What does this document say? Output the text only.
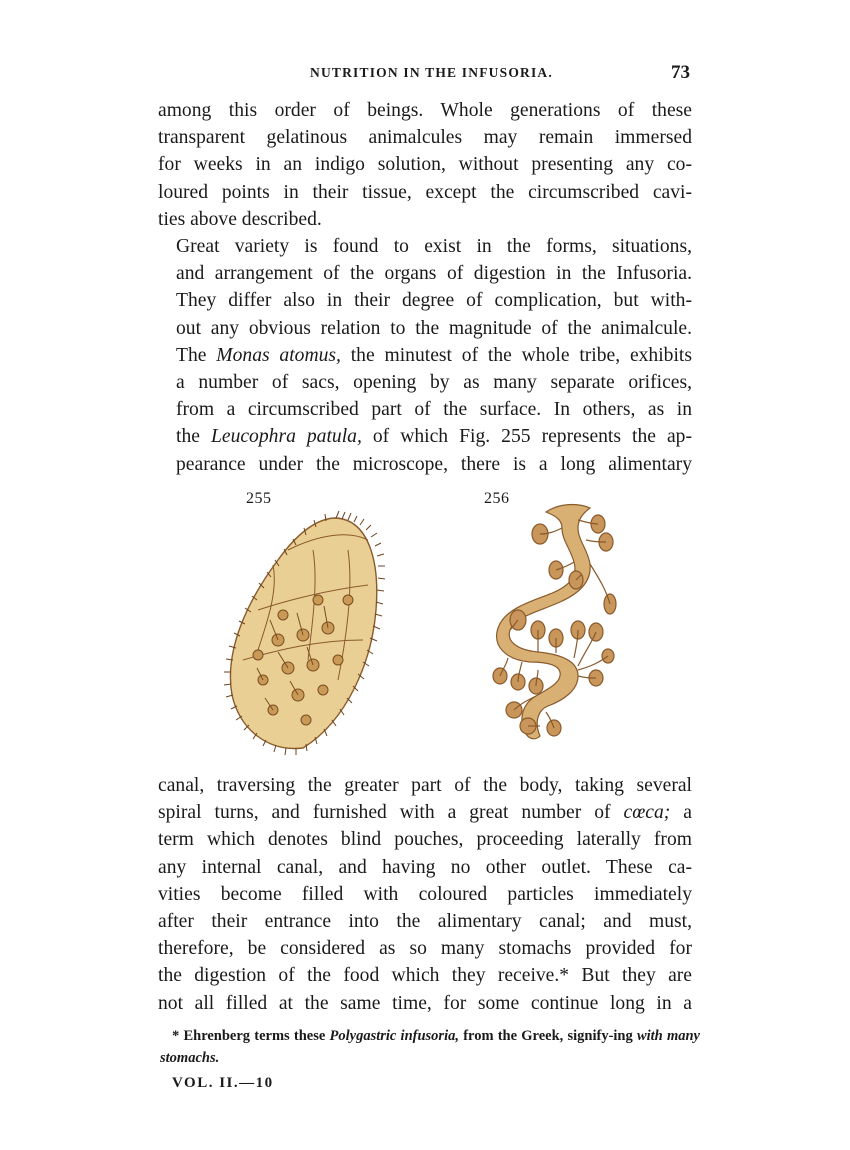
NUTRITION IN THE INFUSORIA.	73

among this order of beings. Whole generations of these
transparent gelatinous animalcules may remain immersed
for weeks in an indigo solution, without presenting any co-
loured points in their tissue, except the circumscribed cavi-
ties above described.

Great variety is found to exist in the forms, situations,
and arrangement of the organs of digestion in the Infusoria.
They differ also in their degree of complication, but with-
out any obvious relation to the magnitude of the animalcule.
The Monas atomus, the minutest of the whole tribe, exhibits
a number of sacs, opening by as many separate orifices,
from a circumscribed part of the surface. In others, as in
the Leucophra patula, of which Fig. 255 represents the ap-
pearance under the microscope, there is a long alimentary

255	256

canal, traversing the greater part of the body, taking several
spiral turns, and furnished with a great number of cœca; a
term which denotes blind pouches, proceeding laterally from
any internal canal, and having no other outlet. These ca-
vities become filled with coloured particles immediately
after their entrance into the alimentary canal; and must,
therefore, be considered as so many stomachs provided for
the digestion of the food which they receive.* But they are
not all filled at the same time, for some continue long in a

* Ehrenberg terms these Polygastric infusoria, from the Greek, signify-ing with many stomachs.

VOL. II.—10
